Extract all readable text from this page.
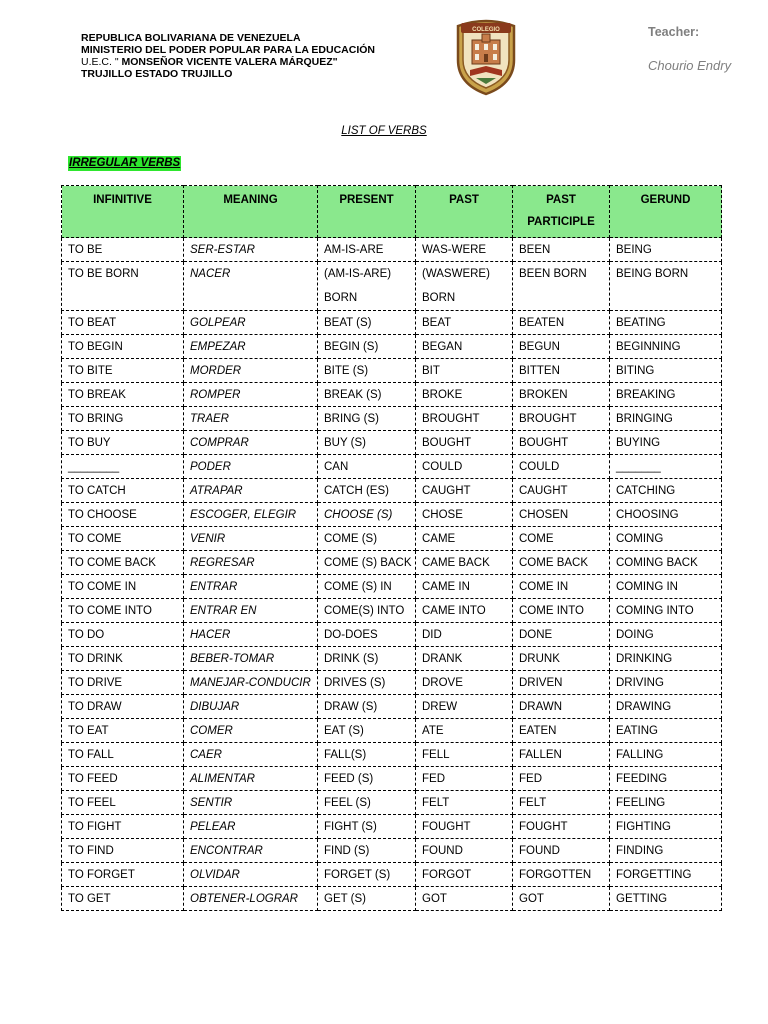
REPUBLICA BOLIVARIANA DE VENEZUELA
MINISTERIO DEL PODER POPULAR PARA LA EDUCACIÓN
U.E.C. " MONSEÑOR VICENTE VALERA MÁRQUEZ"
TRUJILLO ESTADO TRUJILLO
COLEGIO	Teacher:
Chourio Endry
LIST OF VERBS
IRREGULAR VERBS
INFINITIVE	MEANING	PRESENT	PAST	PAST PARTICIPLE	GERUND
TO BE	SER-ESTAR	AM-IS-ARE	WAS-WERE	BEEN	BEING
TO BE BORN	NACER	(AM-IS-ARE) BORN	(WASWERE) BORN	BEEN BORN	BEING BORN
TO BEAT	GOLPEAR	BEAT (S)	BEAT	BEATEN	BEATING
TO BEGIN	EMPEZAR	BEGIN (S)	BEGAN	BEGUN	BEGINNING
TO BITE	MORDER	BITE (S)	BIT	BITTEN	BITING
TO BREAK	ROMPER	BREAK (S)	BROKE	BROKEN	BREAKING
TO BRING	TRAER	BRING (S)	BROUGHT	BROUGHT	BRINGING
TO BUY	COMPRAR	BUY (S)	BOUGHT	BOUGHT	BUYING
________	PODER	CAN	COULD	COULD	_______
TO CATCH	ATRAPAR	CATCH (ES)	CAUGHT	CAUGHT	CATCHING
TO CHOOSE	ESCOGER, ELEGIR	CHOOSE (S)	CHOSE	CHOSEN	CHOOSING
TO COME	VENIR	COME (S)	CAME	COME	COMING
TO COME BACK	REGRESAR	COME (S) BACK	CAME BACK	COME BACK	COMING BACK
TO COME IN	ENTRAR	COME (S) IN	CAME IN	COME IN	COMING IN
TO COME INTO	ENTRAR EN	COME(S) INTO	CAME INTO	COME INTO	COMING INTO
TO DO	HACER	DO-DOES	DID	DONE	DOING
TO DRINK	BEBER-TOMAR	DRINK (S)	DRANK	DRUNK	DRINKING
TO DRIVE	MANEJAR-CONDUCIR	DRIVES (S)	DROVE	DRIVEN	DRIVING
TO DRAW	DIBUJAR	DRAW (S)	DREW	DRAWN	DRAWING
TO EAT	COMER	EAT (S)	ATE	EATEN	EATING
TO FALL	CAER	FALL(S)	FELL	FALLEN	FALLING
TO FEED	ALIMENTAR	FEED (S)	FED	FED	FEEDING
TO FEEL	SENTIR	FEEL (S)	FELT	FELT	FEELING
TO FIGHT	PELEAR	FIGHT (S)	FOUGHT	FOUGHT	FIGHTING
TO FIND	ENCONTRAR	FIND (S)	FOUND	FOUND	FINDING
TO FORGET	OLVIDAR	FORGET (S)	FORGOT	FORGOTTEN	FORGETTING
TO GET	OBTENER-LOGRAR	GET (S)	GOT	GOT	GETTING
